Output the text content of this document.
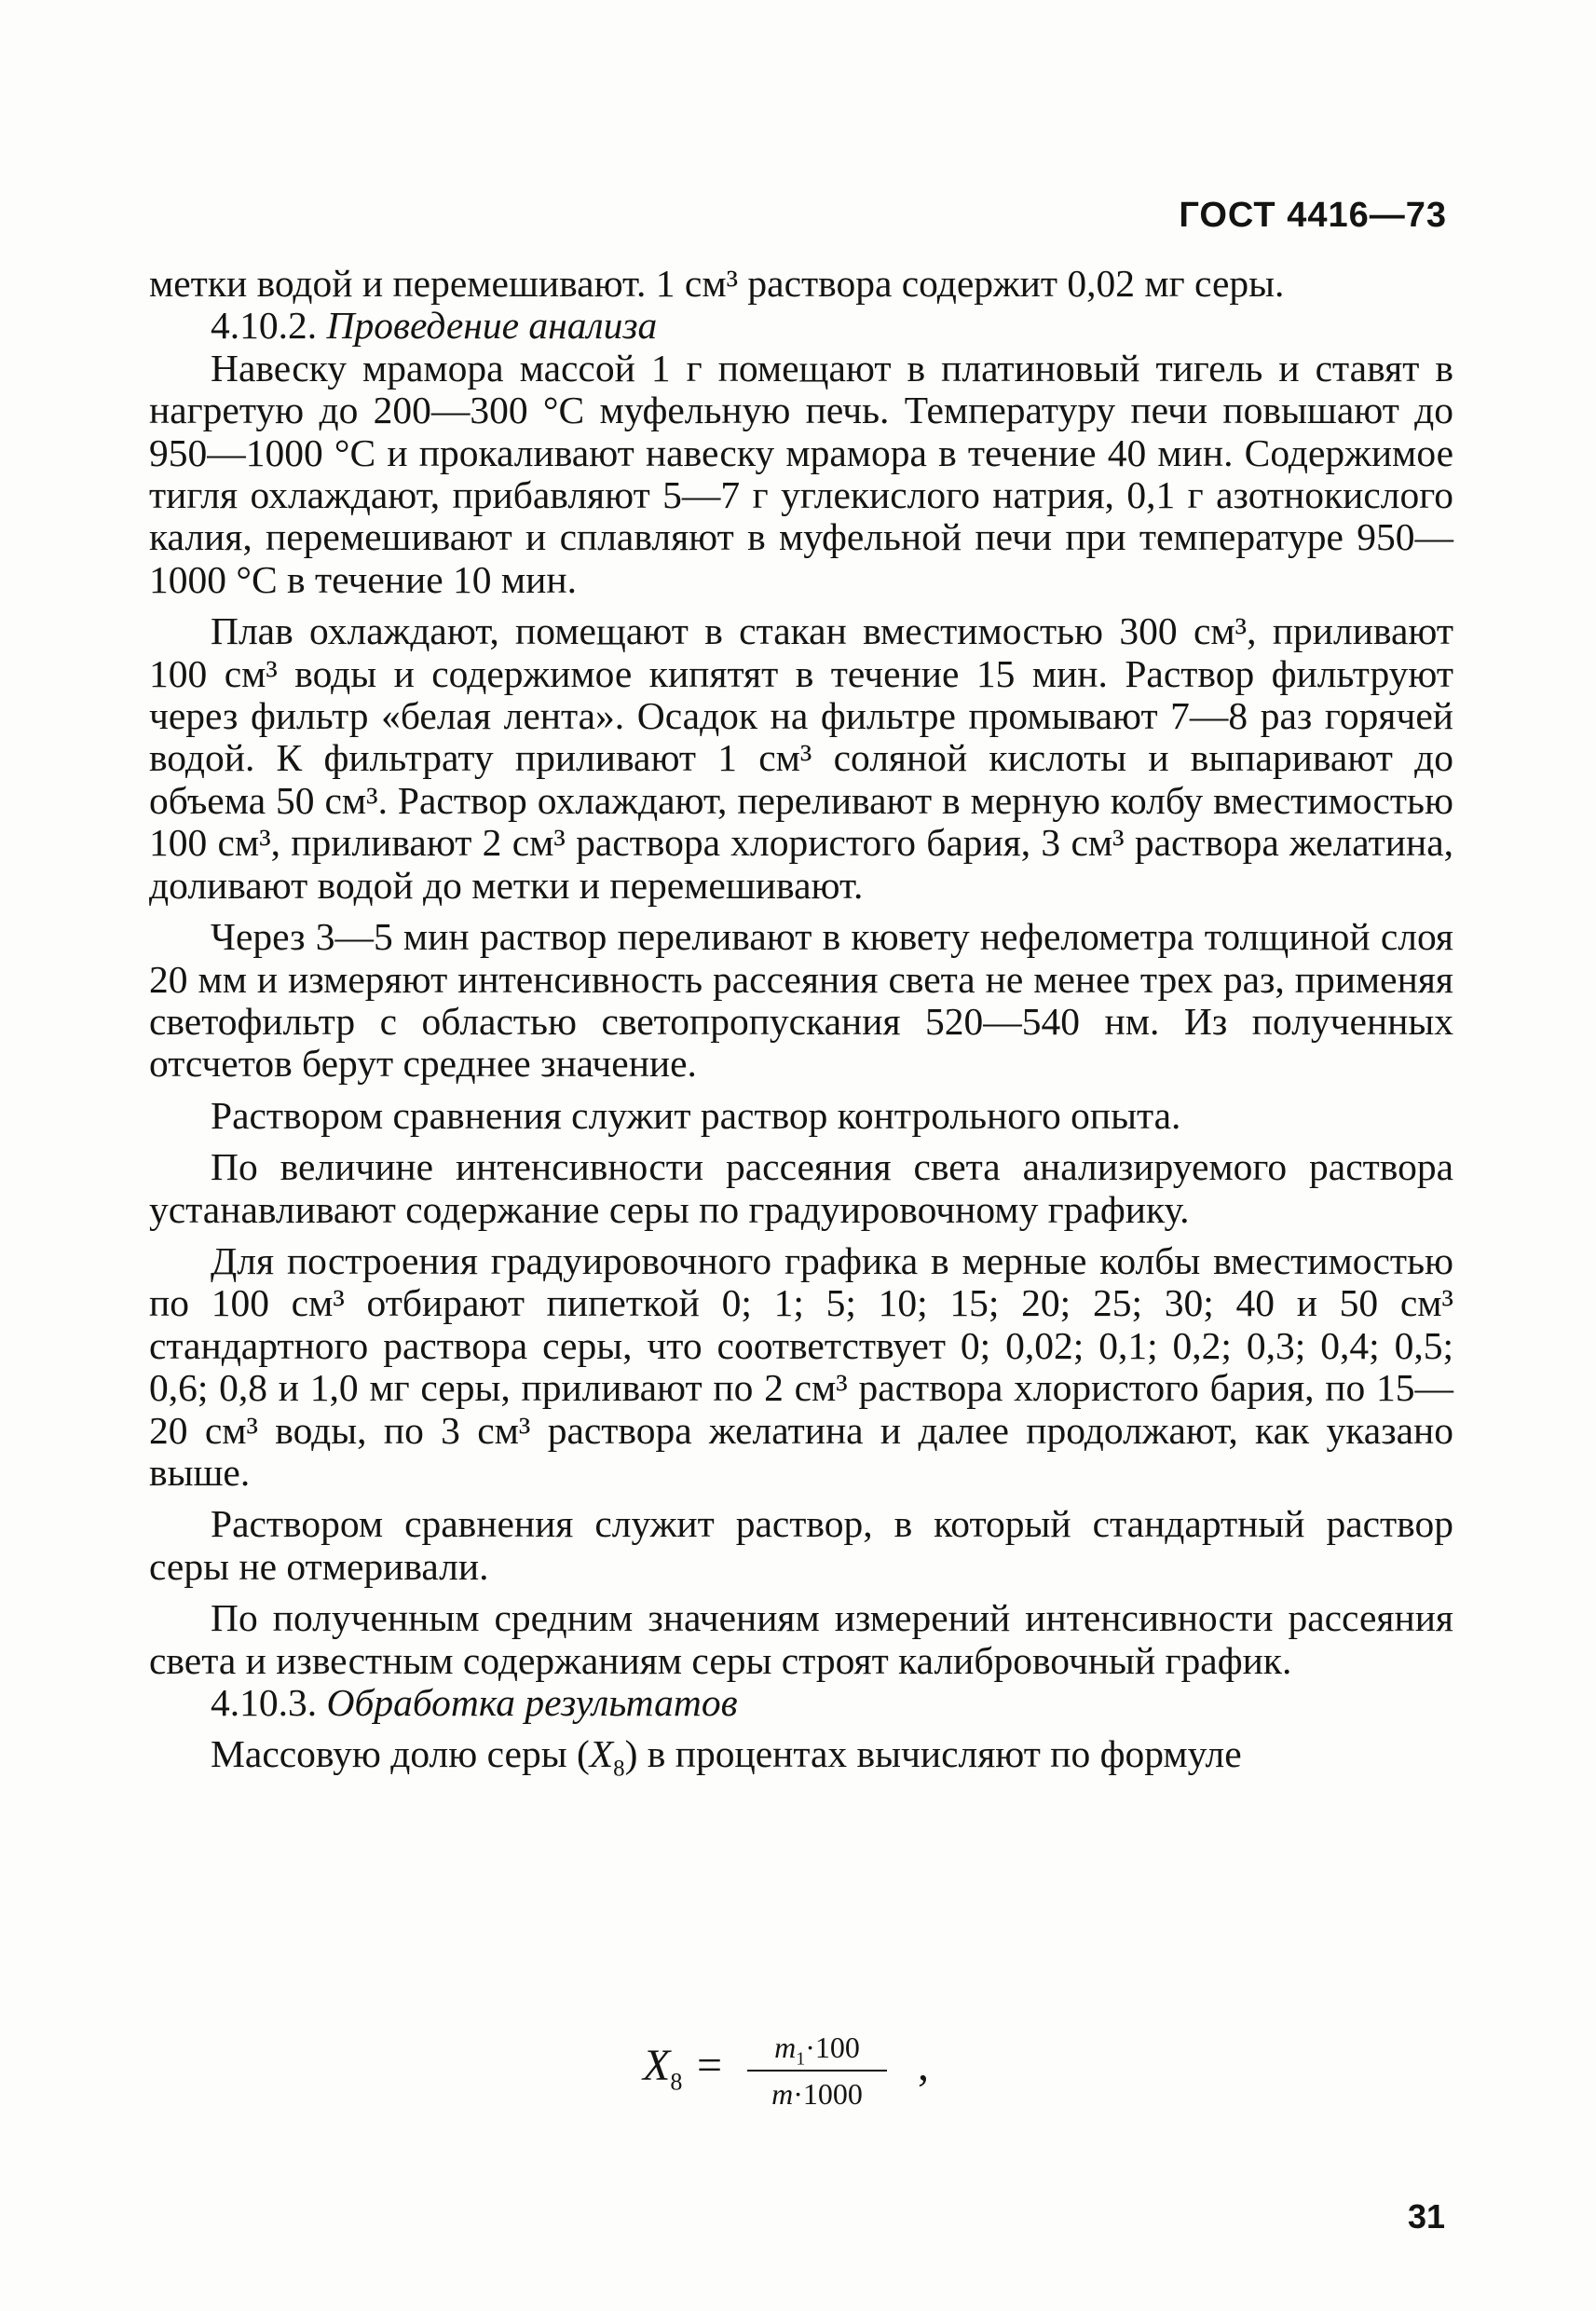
ГОСТ 4416—73

метки водой и перемешивают. 1 см³ раствора содержит 0,02 мг серы.

4.10.2. Проведение анализа

Навеску мрамора массой 1 г помещают в платиновый тигель и ставят в нагретую до 200—300 °С муфельную печь. Температуру печи повышают до 950—1000 °С и прокаливают навеску мрамора в течение 40 мин. Содержимое тигля охлаждают, прибавляют 5—7 г углекислого натрия, 0,1 г азотнокислого калия, перемешивают и сплавляют в муфельной печи при температуре 950—1000 °С в течение 10 мин.

Плав охлаждают, помещают в стакан вместимостью 300 см³, приливают 100 см³ воды и содержимое кипятят в течение 15 мин. Раствор фильтруют через фильтр «белая лента». Осадок на фильтре промывают 7—8 раз горячей водой. К фильтрату приливают 1 см³ соляной кислоты и выпаривают до объема 50 см³. Раствор охлаждают, переливают в мерную колбу вместимостью 100 см³, приливают 2 см³ раствора хлористого бария, 3 см³ раствора желатина, доливают водой до метки и перемешивают.

Через 3—5 мин раствор переливают в кювету нефелометра толщиной слоя 20 мм и измеряют интенсивность рассеяния света не менее трех раз, применяя светофильтр с областью светопропускания 520—540 нм. Из полученных отсчетов берут среднее значение.

Раствором сравнения служит раствор контрольного опыта.

По величине интенсивности рассеяния света анализируемого раствора устанавливают содержание серы по градуировочному графику.

Для построения градуировочного графика в мерные колбы вместимостью по 100 см³ отбирают пипеткой 0; 1; 5; 10; 15; 20; 25; 30; 40 и 50 см³ стандартного раствора серы, что соответствует 0; 0,02; 0,1; 0,2; 0,3; 0,4; 0,5; 0,6; 0,8 и 1,0 мг серы, приливают по 2 см³ раствора хлористого бария, по 15—20 см³ воды, по 3 см³ раствора желатина и далее продолжают, как указано выше.

Раствором сравнения служит раствор, в который стандартный раствор серы не отмеривали.

По полученным средним значениям измерений интенсивности рассеяния света и известным содержаниям серы строят калибровочный график.

4.10.3. Обработка результатов

Массовую долю серы $(X_8)$ в процентах вычисляют по формуле

$X_8$ =	$m_1\cdot 100$
m·1000
,
31
